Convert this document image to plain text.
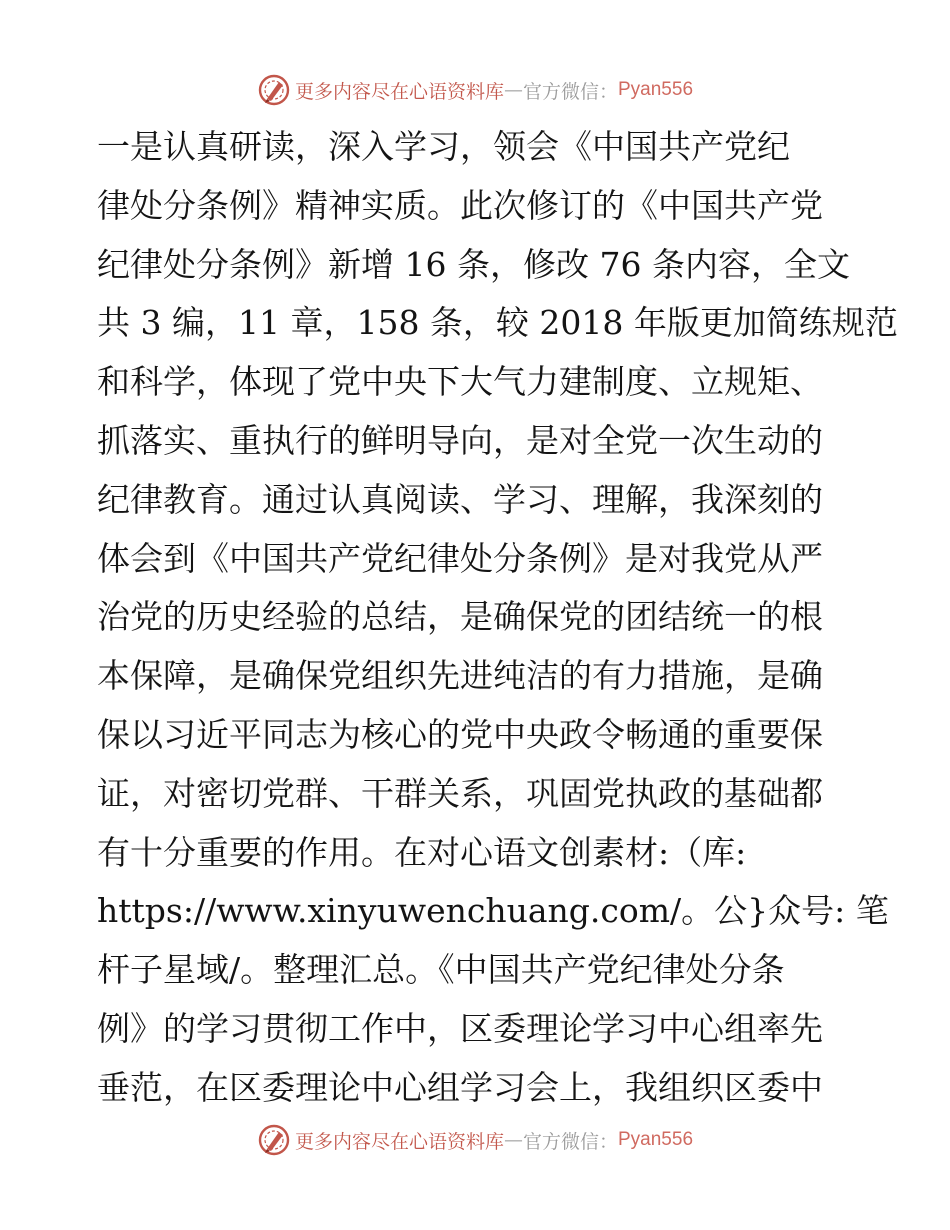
更多内容尽在心语资料库 — 官方微信： Pyan556
一是认真研读，深入学习，领会《中国共产党纪
律处分条例》精神实质。此次修订的《中国共产党
纪律处分条例》新增 16 条，修改 76 条内容，全文
共 3 编，11 章，158 条，较 2018 年版更加简练规范
和科学，体现了党中央下大气力建制度、立规矩、
抓落实、重执行的鲜明导向，是对全党一次生动的
纪律教育。通过认真阅读、学习、理解，我深刻的
体会到《中国共产党纪律处分条例》是对我党从严
治党的历史经验的总结，是确保党的团结统一的根
本保障，是确保党组织先进纯洁的有力措施，是确
保以习近平同志为核心的党中央政令畅通的重要保
证，对密切党群、干群关系，巩固党执政的基础都
有十分重要的作用。在对心语文创素材:（库:
https://www.xinyuwenchuang.com/。公}众号: 笔
杆子星域/。整理汇总。《中国共产党纪律处分条
例》的学习贯彻工作中，区委理论学习中心组率先
垂范，在区委理论中心组学习会上，我组织区委中
更多内容尽在心语资料库 — 官方微信： Pyan556
